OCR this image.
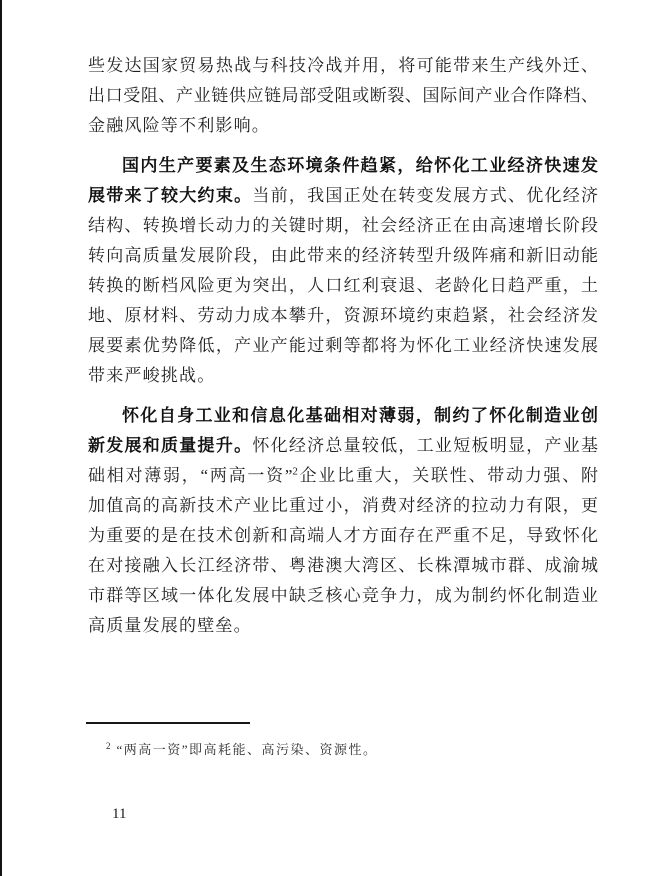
些发达国家贸易热战与科技冷战并用，将可能带来生产线外迁、
出口受阻、产业链供应链局部受阻或断裂、国际间产业合作降档、
金融风险等不利影响。
国内生产要素及生态环境条件趋紧，给怀化工业经济快速发
展带来了较大约束。当前，我国正处在转变发展方式、优化经济
结构、转换增长动力的关键时期，社会经济正在由高速增长阶段
转向高质量发展阶段，由此带来的经济转型升级阵痛和新旧动能
转换的断档风险更为突出，人口红利衰退、老龄化日趋严重，土
地、原材料、劳动力成本攀升，资源环境约束趋紧，社会经济发
展要素优势降低，产业产能过剩等都将为怀化工业经济快速发展
带来严峻挑战。
怀化自身工业和信息化基础相对薄弱，制约了怀化制造业创
新发展和质量提升。怀化经济总量较低，工业短板明显，产业基
础相对薄弱，“两高一资”$^2$企业比重大，关联性、带动力强、附
加值高的高新技术产业比重过小，消费对经济的拉动力有限，更
为重要的是在技术创新和高端人才方面存在严重不足，导致怀化
在对接融入长江经济带、粤港澳大湾区、长株潭城市群、成渝城
市群等区域一体化发展中缺乏核心竞争力，成为制约怀化制造业
高质量发展的壁垒。
$^2$ “两高一资”即高耗能、高污染、资源性。
11
